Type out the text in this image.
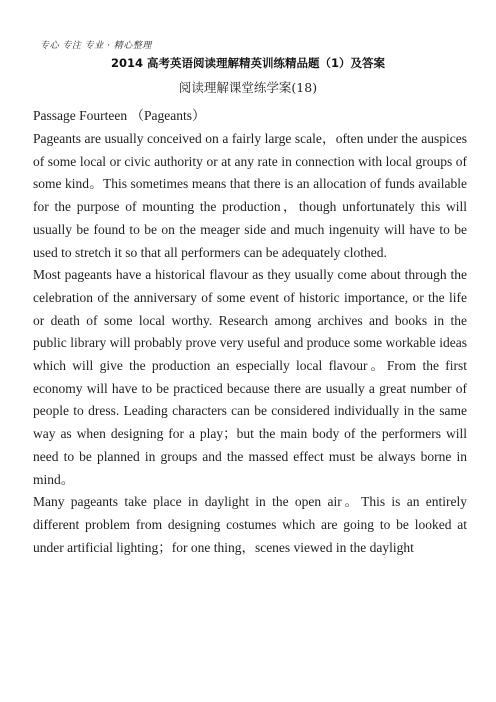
专心 专注 专业 · 精心整理
2014 高考英语阅读理解精英训练精品题（1）及答案
阅读理解课堂练学案(18)
Passage Fourteen （Pageants）

Pageants are usually conceived on a fairly large scale，often under the auspices of some local or civic authority or at any rate in connection with local groups of some kind。This sometimes means that there is an allocation of funds available for the purpose of mounting the production，though unfortunately this will usually be found to be on the meager side and much ingenuity will have to be used to stretch it so that all performers can be adequately clothed.

Most pageants have a historical flavour as they usually come about through the celebration of the anniversary of some event of historic importance, or the life or death of some local worthy. Research among archives and books in the public library will probably prove very useful and produce some workable ideas which will give the production an especially local flavour。From the first economy will have to be practiced because there are usually a great number of people to dress. Leading characters can be considered individually in the same way as when designing for a play；but the main body of the performers will need to be planned in groups and the massed effect must be always borne in mind。

Many pageants take place in daylight in the open air。This is an entirely different problem from designing costumes which are going to be looked at under artificial lighting；for one thing，scenes viewed in the daylight
